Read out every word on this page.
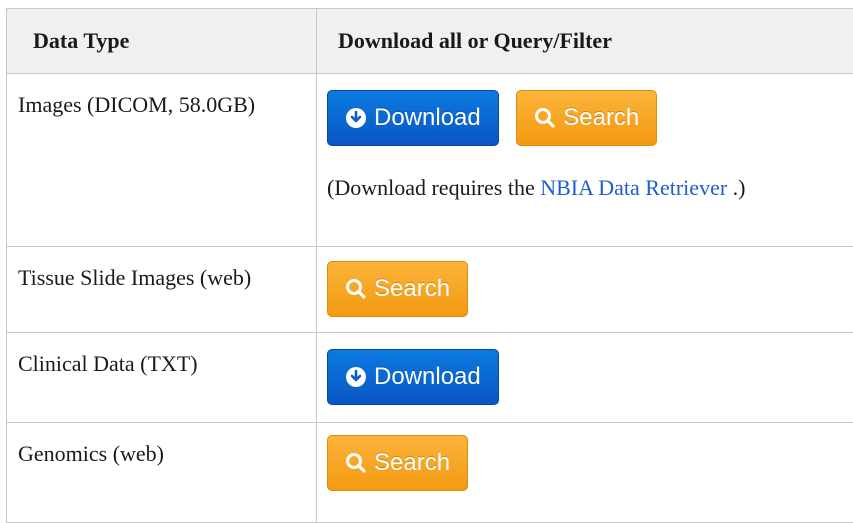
Data Type	Download all or Query/Filter

Images (DICOM, 58.0GB)	Download
Search
(Download requires the NBIA Data Retriever .)

Tissue Slide Images (web)	Search

Clinical Data (TXT)	Download

Genomics (web)	Search
